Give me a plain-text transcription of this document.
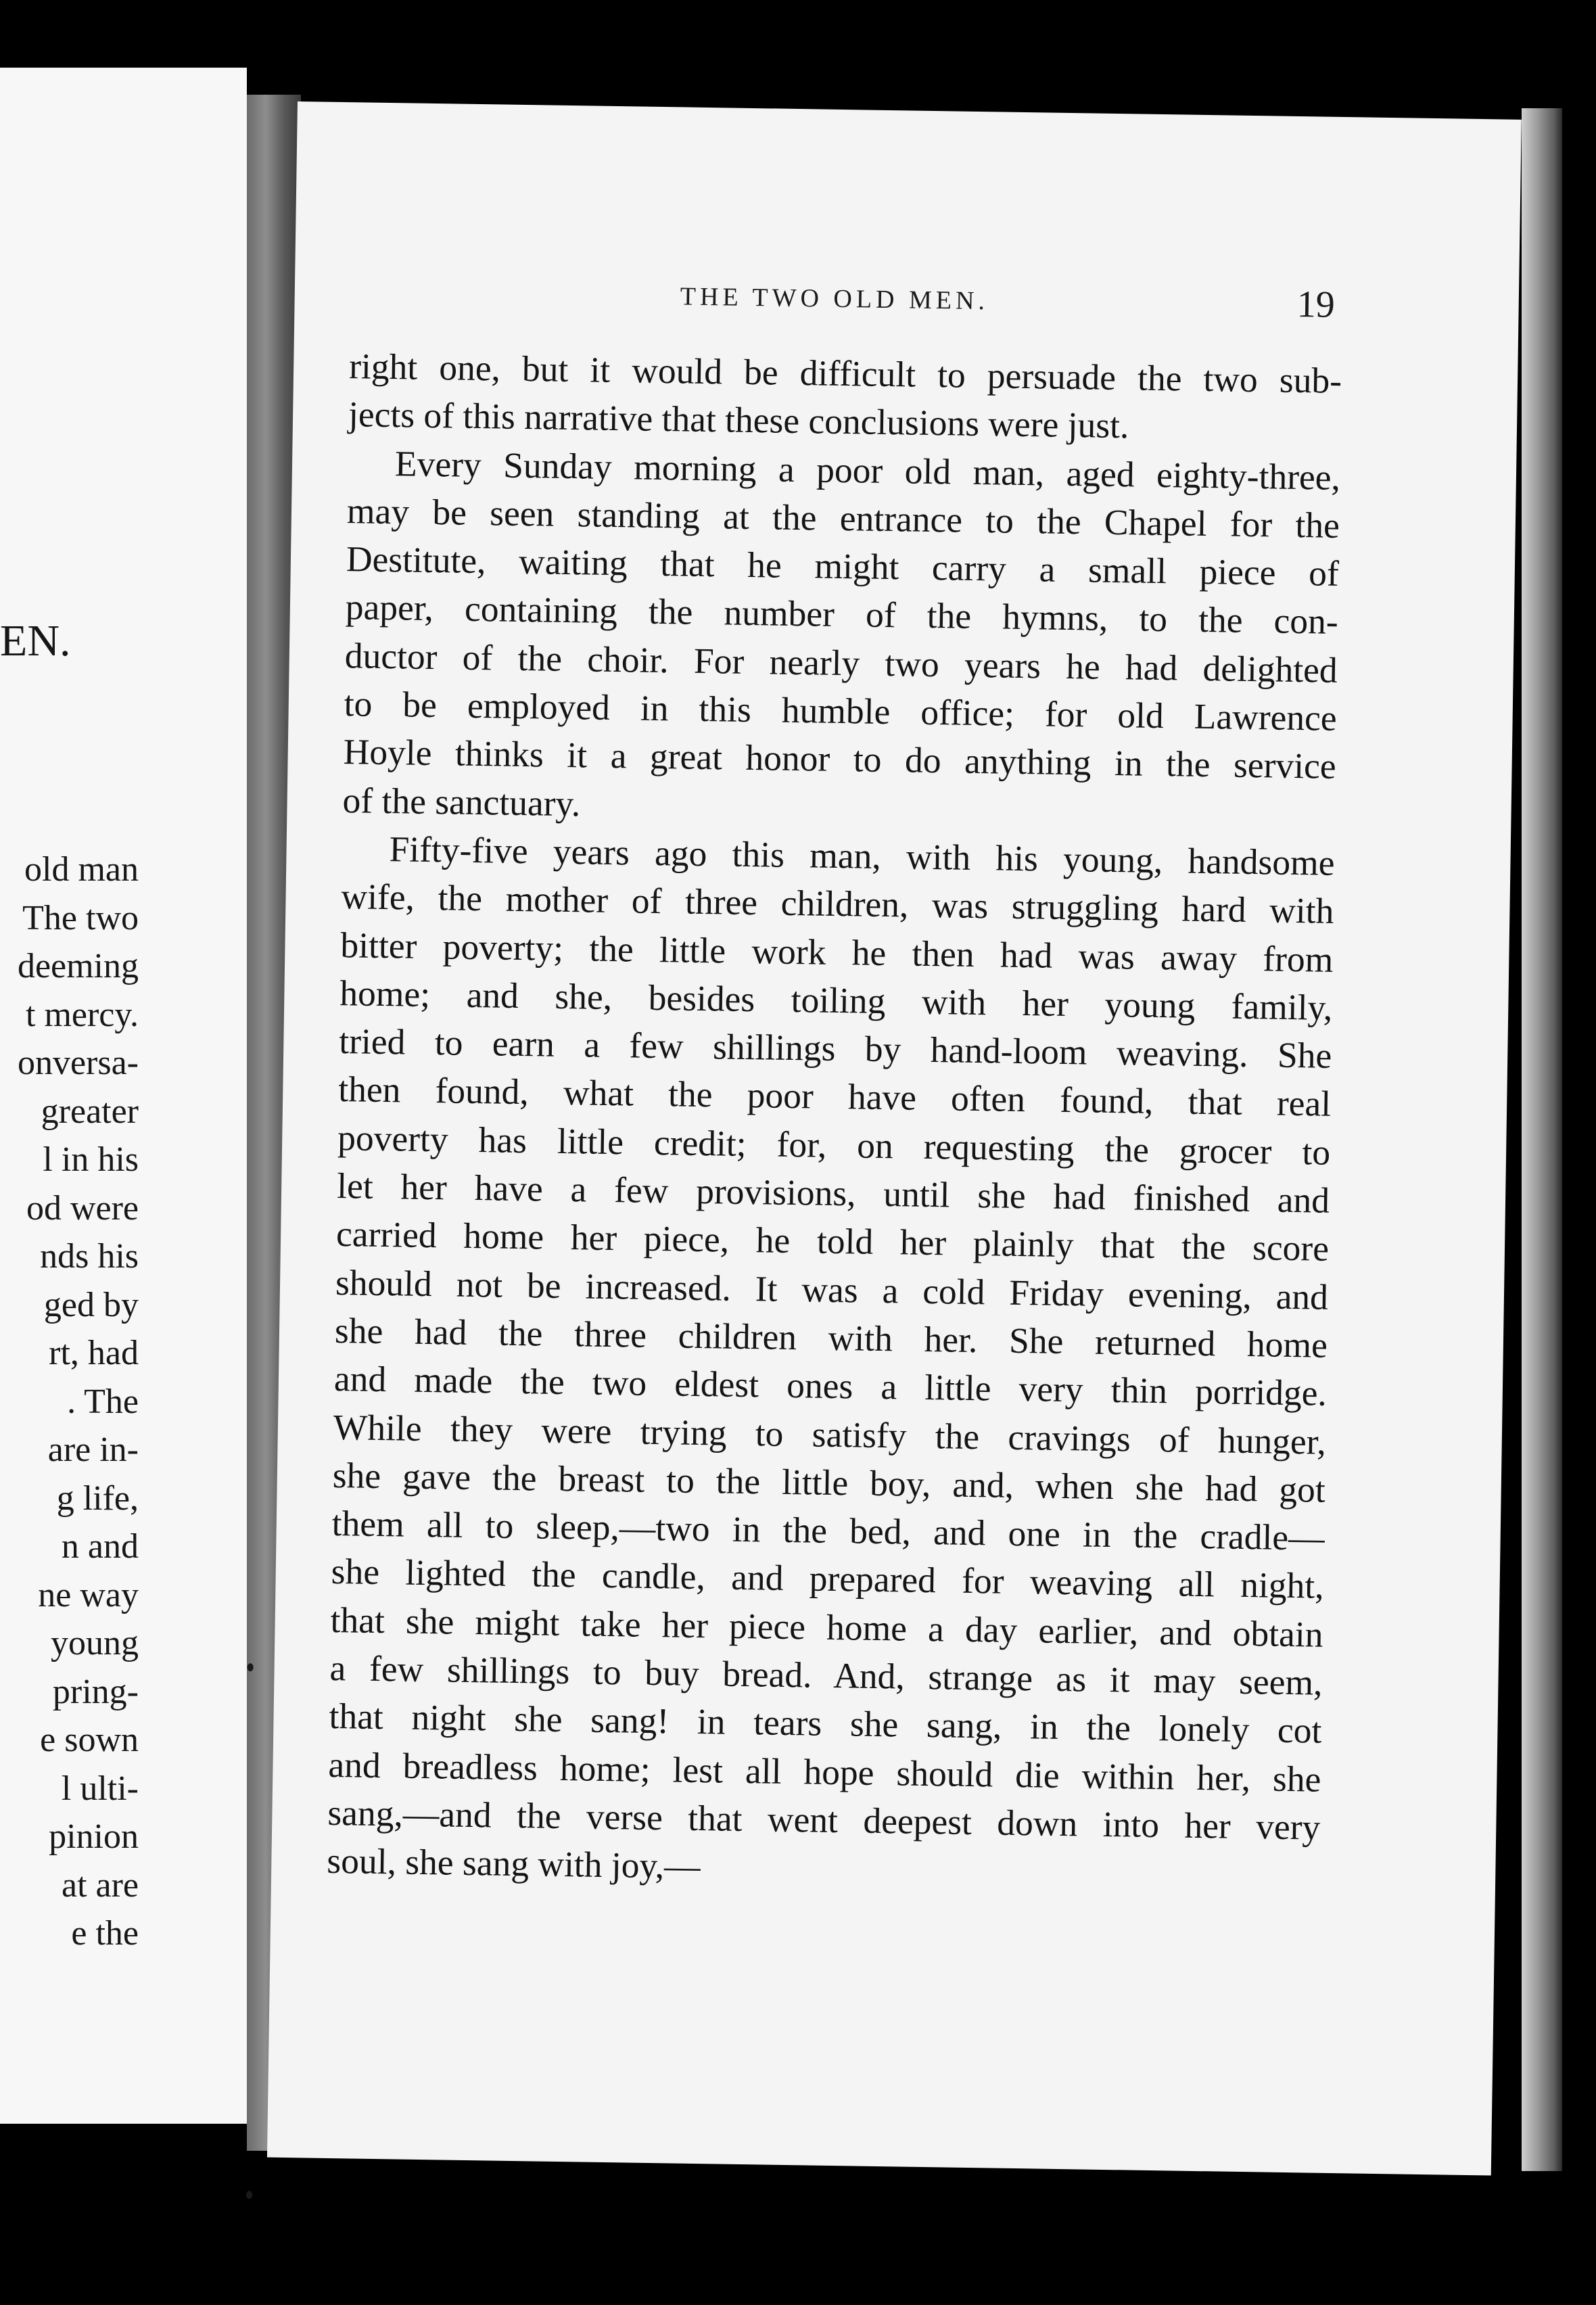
EN.
old man
The two
deeming
t mercy.
onversa-
greater
l in his
od were
nds his
ged by
rt, had
. The
are in-
g life,
n and
ne way
young
pring-
e sown
l ulti-
pinion
at are
e the
THE TWO OLD MEN.	19
right one, but it would be difficult to persuade the two sub-
jects of this narrative that these conclusions were just.
Every Sunday morning a poor old man, aged eighty-three,
may be seen standing at the entrance to the Chapel for the
Destitute, waiting that he might carry a small piece of
paper, containing the number of the hymns, to the con-
ductor of the choir. For nearly two years he had delighted
to be employed in this humble office; for old Lawrence
Hoyle thinks it a great honor to do anything in the service
of the sanctuary.
Fifty-five years ago this man, with his young, handsome
wife, the mother of three children, was struggling hard with
bitter poverty; the little work he then had was away from
home; and she, besides toiling with her young family,
tried to earn a few shillings by hand-loom weaving. She
then found, what the poor have often found, that real
poverty has little credit; for, on requesting the grocer to
let her have a few provisions, until she had finished and
carried home her piece, he told her plainly that the score
should not be increased. It was a cold Friday evening, and
she had the three children with her. She returned home
and made the two eldest ones a little very thin porridge.
While they were trying to satisfy the cravings of hunger,
she gave the breast to the little boy, and, when she had got
them all to sleep,—two in the bed, and one in the cradle—
she lighted the candle, and prepared for weaving all night,
that she might take her piece home a day earlier, and obtain
a few shillings to buy bread. And, strange as it may seem,
that night she sang! in tears she sang, in the lonely cot
and breadless home; lest all hope should die within her, she
sang,—and the verse that went deepest down into her very
soul, she sang with joy,—
